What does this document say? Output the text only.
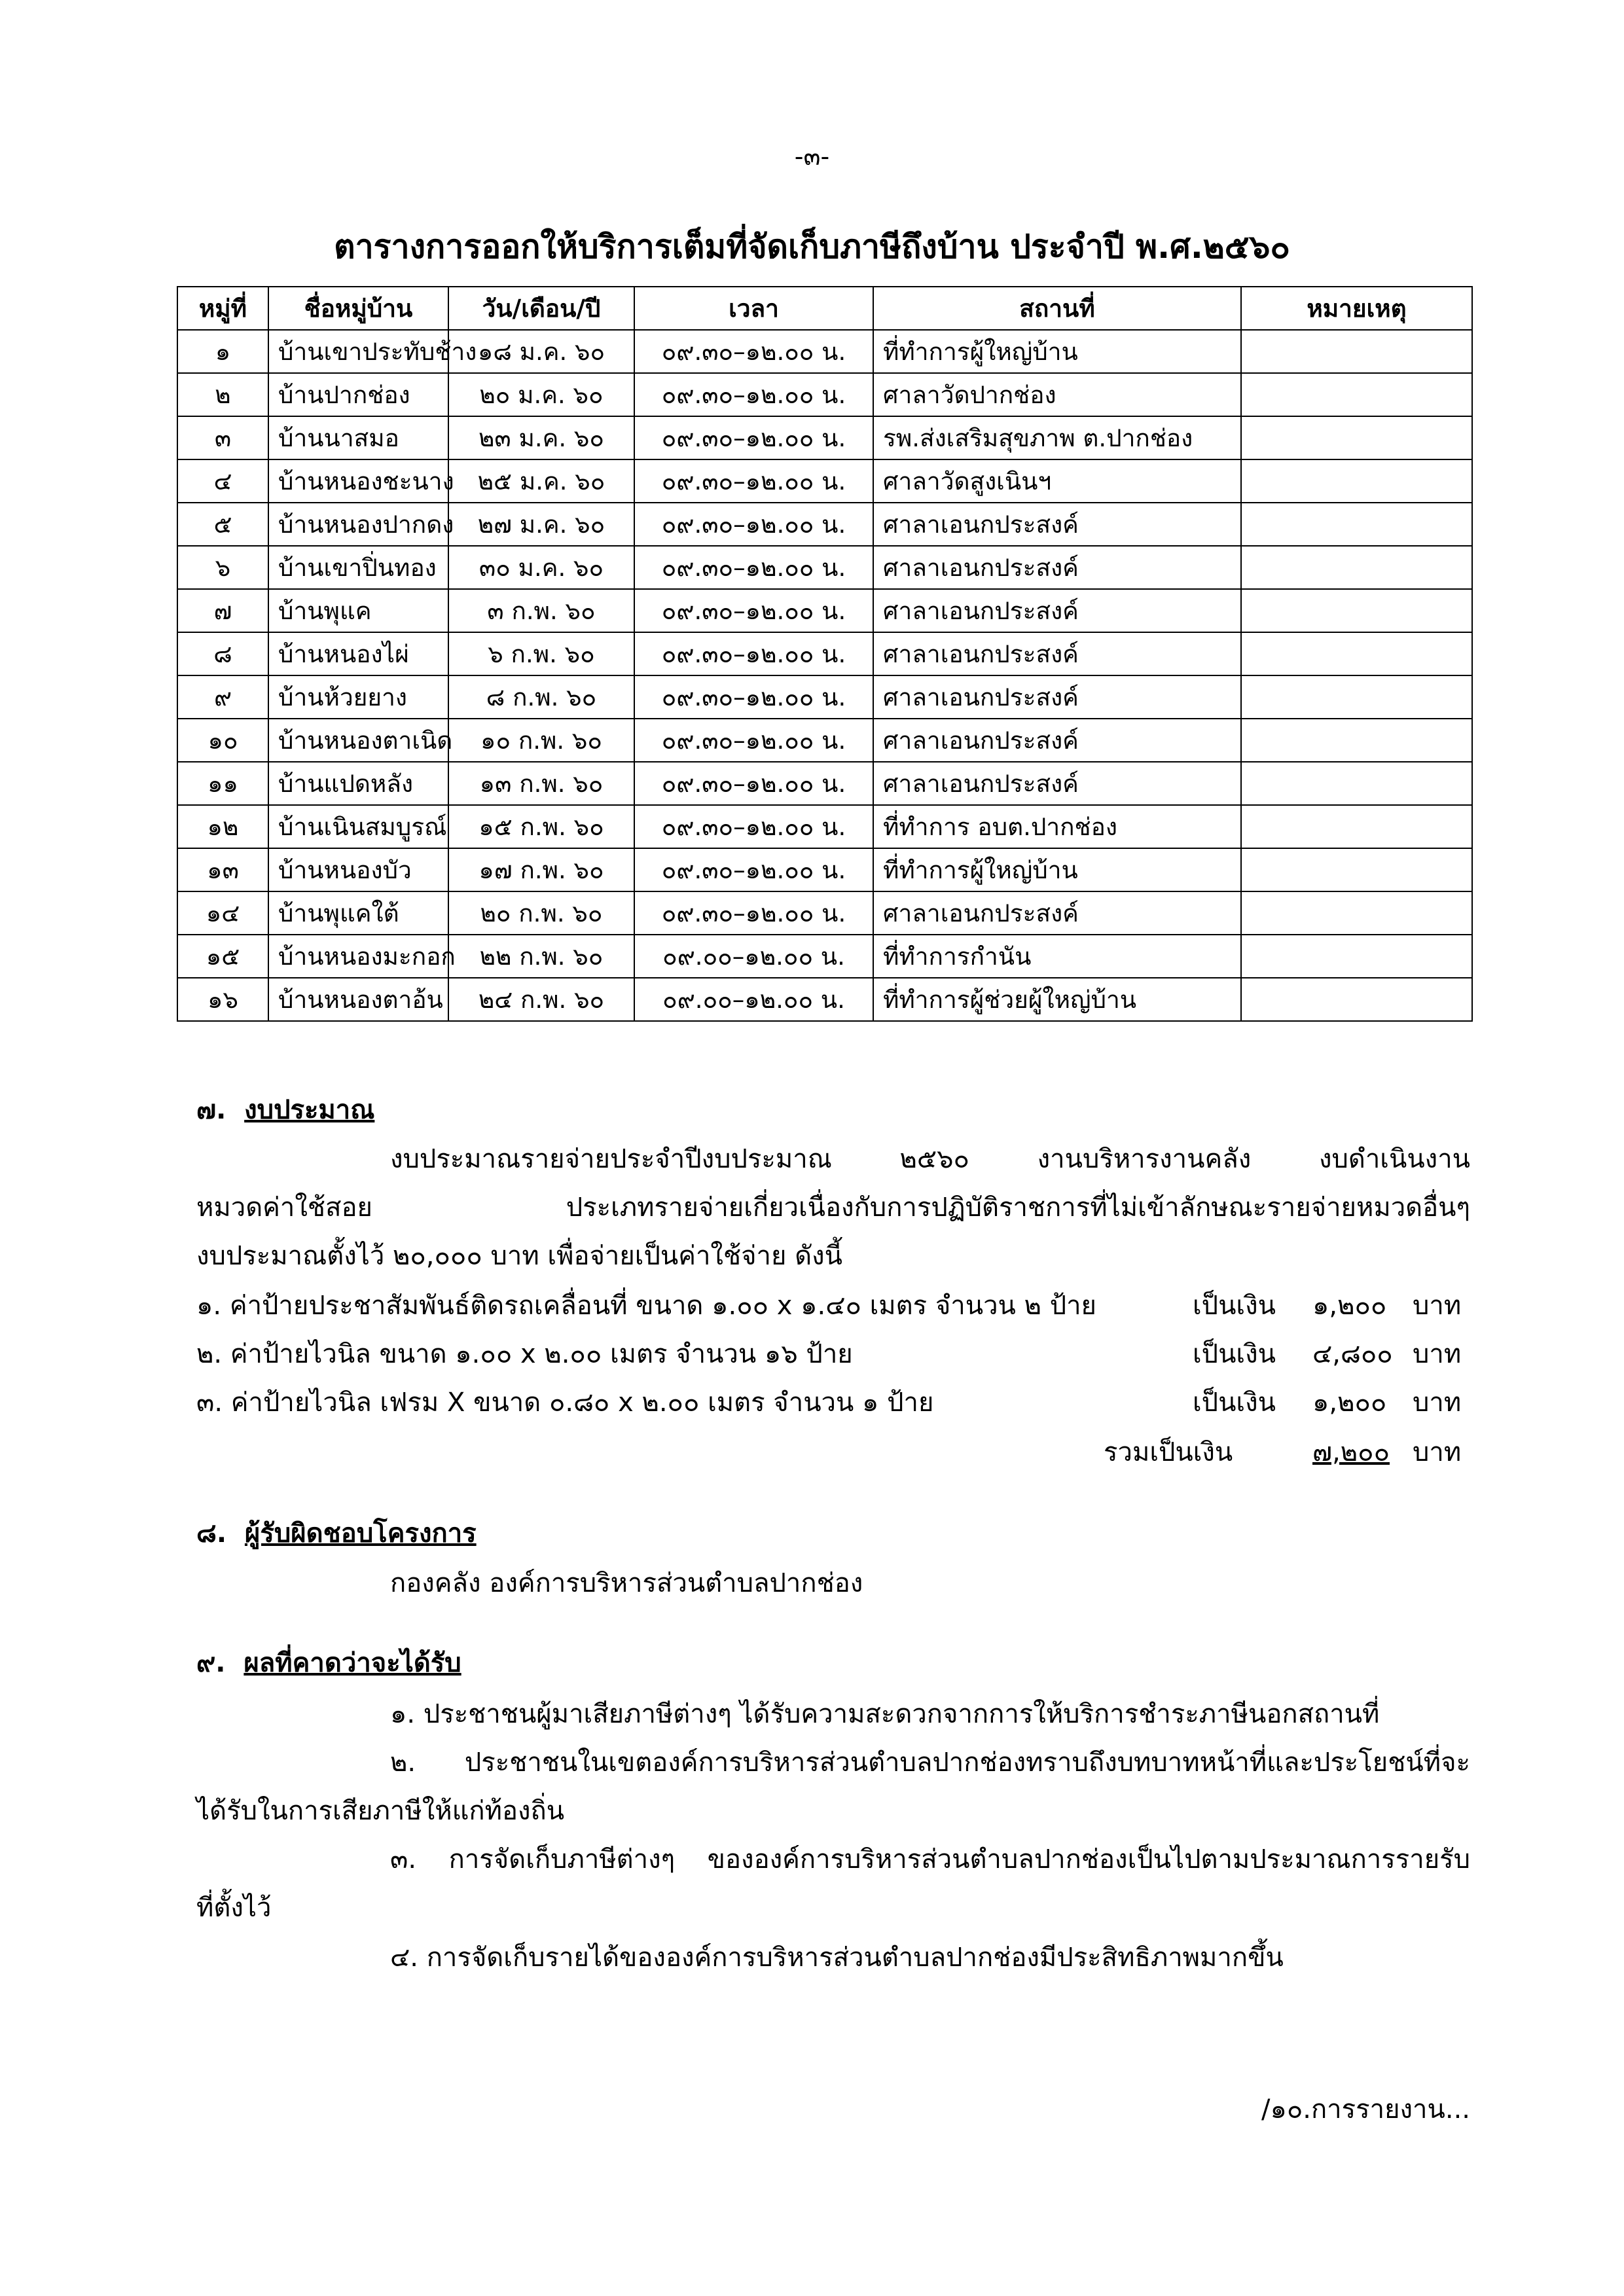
-๓-
ตารางการออกให้บริการเต็มที่จัดเก็บภาษีถึงบ้าน ประจำปี พ.ศ.๒๕๖๐
หมู่ที่	ชื่อหมู่บ้าน	วัน/เดือน/ปี	เวลา	สถานที่	หมายเหตุ
๑	บ้านเขาประทับช้าง	๑๘ ม.ค. ๖๐	๐๙.๓๐–๑๒.๐๐ น.	ที่ทำการผู้ใหญ่บ้าน	
๒	บ้านปากช่อง	๒๐ ม.ค. ๖๐	๐๙.๓๐–๑๒.๐๐ น.	ศาลาวัดปากช่อง	
๓	บ้านนาสมอ	๒๓ ม.ค. ๖๐	๐๙.๓๐–๑๒.๐๐ น.	รพ.ส่งเสริมสุขภาพ ต.ปากช่อง	
๔	บ้านหนองชะนาง	๒๕ ม.ค. ๖๐	๐๙.๓๐–๑๒.๐๐ น.	ศาลาวัดสูงเนินฯ	
๕	บ้านหนองปากดง	๒๗ ม.ค. ๖๐	๐๙.๓๐–๑๒.๐๐ น.	ศาลาเอนกประสงค์	
๖	บ้านเขาปิ่นทอง	๓๐ ม.ค. ๖๐	๐๙.๓๐–๑๒.๐๐ น.	ศาลาเอนกประสงค์	
๗	บ้านพุแค	๓ ก.พ. ๖๐	๐๙.๓๐–๑๒.๐๐ น.	ศาลาเอนกประสงค์	
๘	บ้านหนองไผ่	๖ ก.พ. ๖๐	๐๙.๓๐–๑๒.๐๐ น.	ศาลาเอนกประสงค์	
๙	บ้านห้วยยาง	๘ ก.พ. ๖๐	๐๙.๓๐–๑๒.๐๐ น.	ศาลาเอนกประสงค์	
๑๐	บ้านหนองตาเนิด	๑๐ ก.พ. ๖๐	๐๙.๓๐–๑๒.๐๐ น.	ศาลาเอนกประสงค์	
๑๑	บ้านแปดหลัง	๑๓ ก.พ. ๖๐	๐๙.๓๐–๑๒.๐๐ น.	ศาลาเอนกประสงค์	
๑๒	บ้านเนินสมบูรณ์	๑๕ ก.พ. ๖๐	๐๙.๓๐–๑๒.๐๐ น.	ที่ทำการ อบต.ปากช่อง	
๑๓	บ้านหนองบัว	๑๗ ก.พ. ๖๐	๐๙.๓๐–๑๒.๐๐ น.	ที่ทำการผู้ใหญ่บ้าน	
๑๔	บ้านพุแคใต้	๒๐ ก.พ. ๖๐	๐๙.๓๐–๑๒.๐๐ น.	ศาลาเอนกประสงค์	
๑๕	บ้านหนองมะกอก	๒๒ ก.พ. ๖๐	๐๙.๐๐–๑๒.๐๐ น.	ที่ทำการกำนัน	
๑๖	บ้านหนองตาอ้น	๒๔ ก.พ. ๖๐	๐๙.๐๐–๑๒.๐๐ น.	ที่ทำการผู้ช่วยผู้ใหญ่บ้าน	
๗. งบประมาณ
งบประมาณรายจ่ายประจำปีงบประมาณ ๒๕๖๐ งานบริหารงานคลัง งบดำเนินงาน
หมวดค่าใช้สอย ประเภทรายจ่ายเกี่ยวเนื่องกับการปฏิบัติราชการที่ไม่เข้าลักษณะรายจ่ายหมวดอื่นๆ
งบประมาณตั้งไว้ ๒๐,๐๐๐ บาท เพื่อจ่ายเป็นค่าใช้จ่าย ดังนี้
๑. ค่าป้ายประชาสัมพันธ์ติดรถเคลื่อนที่ ขนาด ๑.๐๐ x ๑.๔๐ เมตร จำนวน ๒ ป้าย	เป็นเงิน ๑,๒๐๐ บาท
๒. ค่าป้ายไวนิล ขนาด ๑.๐๐ x ๒.๐๐ เมตร จำนวน ๑๖ ป้าย	เป็นเงิน ๔,๘๐๐ บาท
๓. ค่าป้ายไวนิล เฟรม X ขนาด ๐.๘๐ x ๒.๐๐ เมตร จำนวน ๑ ป้าย	เป็นเงิน ๑,๒๐๐ บาท
รวมเป็นเงิน	๗,๒๐๐ บาท
๘. ผู้รับผิดชอบโครงการ
กองคลัง องค์การบริหารส่วนตำบลปากช่อง
๙. ผลที่คาดว่าจะได้รับ
๑. ประชาชนผู้มาเสียภาษีต่างๆ ได้รับความสะดวกจากการให้บริการชำระภาษีนอกสถานที่
๒. ประชาชนในเขตองค์การบริหารส่วนตำบลปากช่องทราบถึงบทบาทหน้าที่และประโยชน์ที่จะ
ได้รับในการเสียภาษีให้แก่ท้องถิ่น
๓. การจัดเก็บภาษีต่างๆ ขององค์การบริหารส่วนตำบลปากช่องเป็นไปตามประมาณการรายรับ
ที่ตั้งไว้
๔. การจัดเก็บรายได้ขององค์การบริหารส่วนตำบลปากช่องมีประสิทธิภาพมากขึ้น
/๑๐.การรายงาน...
